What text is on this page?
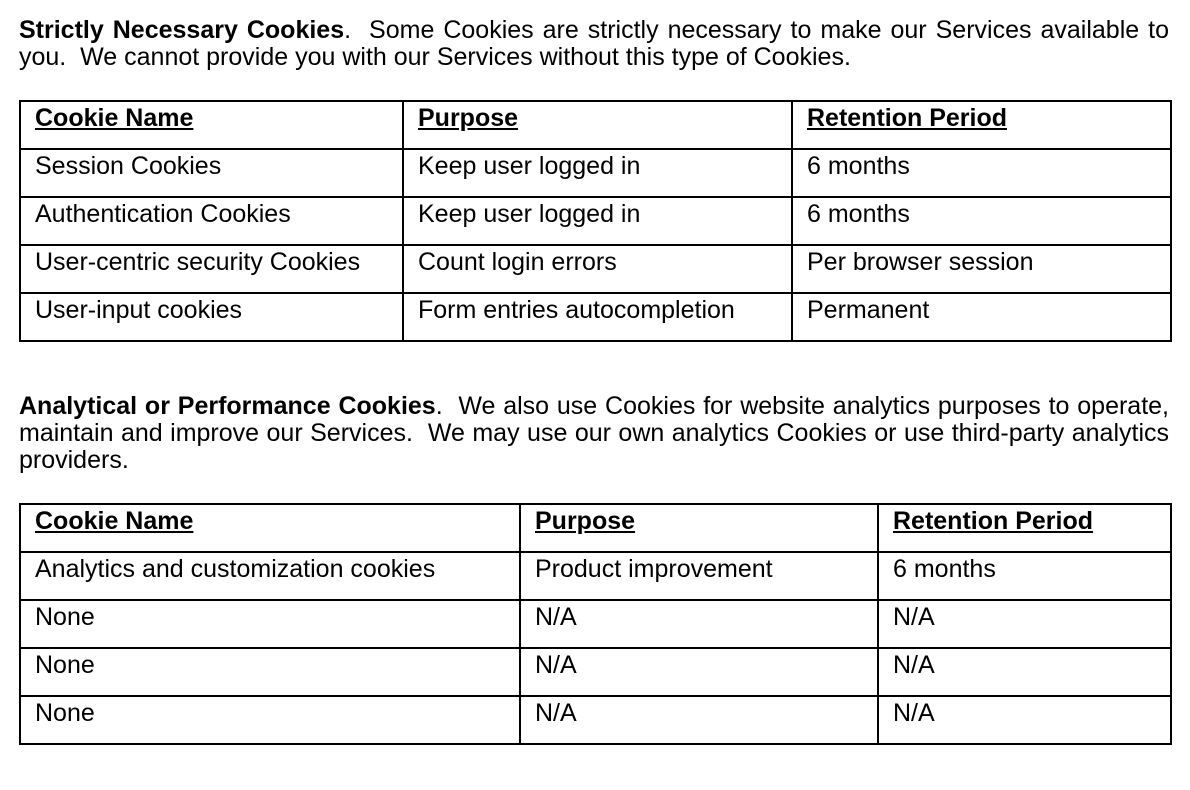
Strictly Necessary Cookies.  Some Cookies are strictly necessary to make our Services available to you.  We cannot provide you with our Services without this type of Cookies.

Cookie Name	Purpose	Retention Period

Session Cookies	Keep user logged in	6 months

Authentication Cookies	Keep user logged in	6 months

User-centric security Cookies	Count login errors	Per browser session

User-input cookies	Form entries autocompletion	Permanent

Analytical or Performance Cookies.  We also use Cookies for website analytics purposes to operate, maintain and improve our Services.  We may use our own analytics Cookies or use third-party analytics providers.

Cookie Name	Purpose	Retention Period

Analytics and customization cookies	Product improvement	6 months

None	N/A	N/A

None	N/A	N/A

None	N/A	N/A
